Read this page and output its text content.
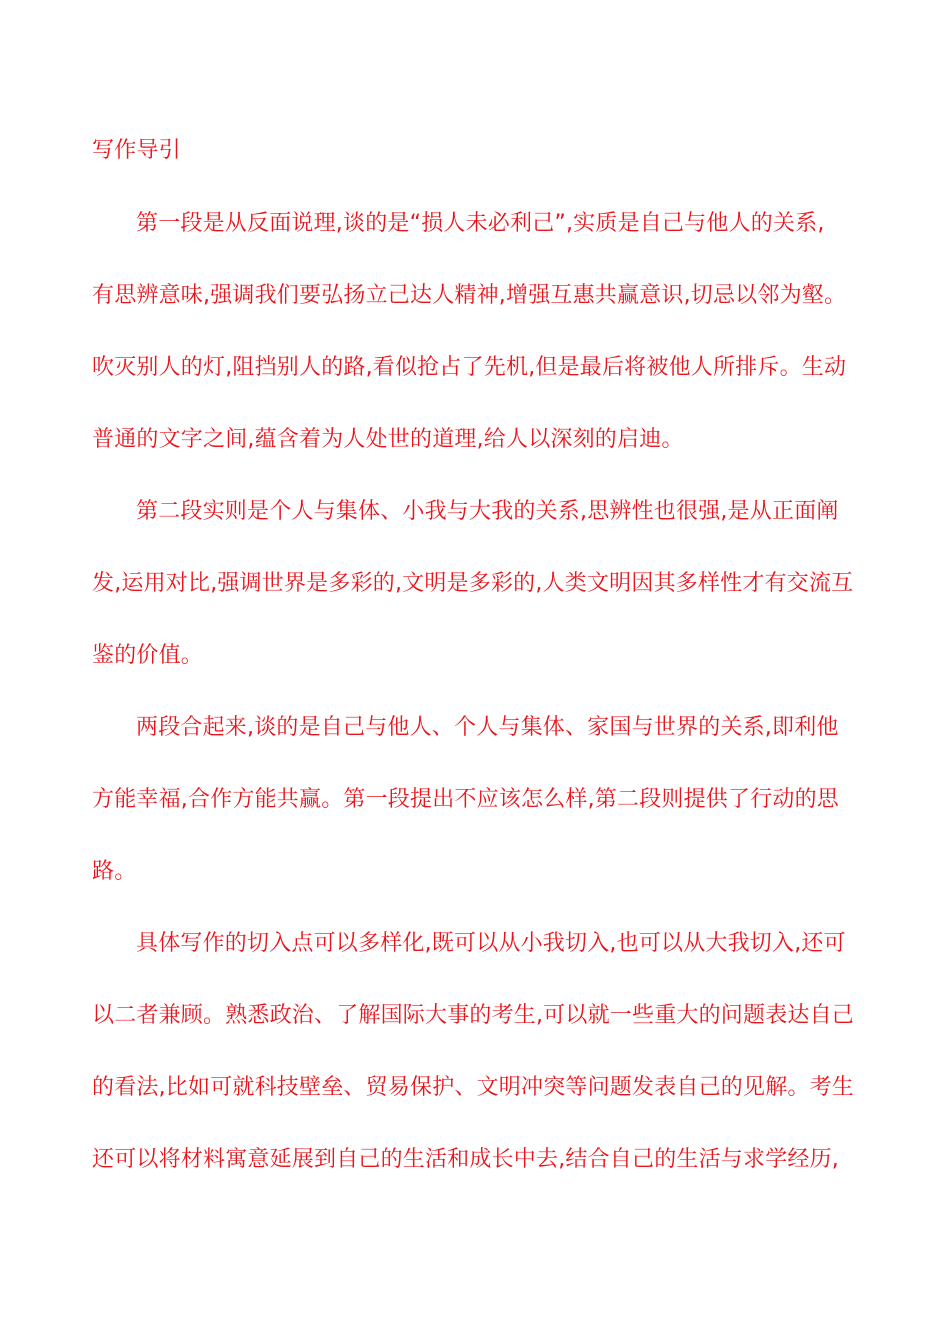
写作导引
第一段是从反面说理,谈的是“损人未必利己”,实质是自己与他人的关系,
有思辨意味,强调我们要弘扬立己达人精神,增强互惠共赢意识,切忌以邻为壑。
吹灭别人的灯,阻挡别人的路,看似抢占了先机,但是最后将被他人所排斥。生动
普通的文字之间,蕴含着为人处世的道理,给人以深刻的启迪。
第二段实则是个人与集体、小我与大我的关系,思辨性也很强,是从正面阐
发,运用对比,强调世界是多彩的,文明是多彩的,人类文明因其多样性才有交流互
鉴的价值。
两段合起来,谈的是自己与他人、个人与集体、家国与世界的关系,即利他
方能幸福,合作方能共赢。第一段提出不应该怎么样,第二段则提供了行动的思
路。
具体写作的切入点可以多样化,既可以从小我切入,也可以从大我切入,还可
以二者兼顾。熟悉政治、了解国际大事的考生,可以就一些重大的问题表达自己
的看法,比如可就科技壁垒、贸易保护、文明冲突等问题发表自己的见解。考生
还可以将材料寓意延展到自己的生活和成长中去,结合自己的生活与求学经历,
